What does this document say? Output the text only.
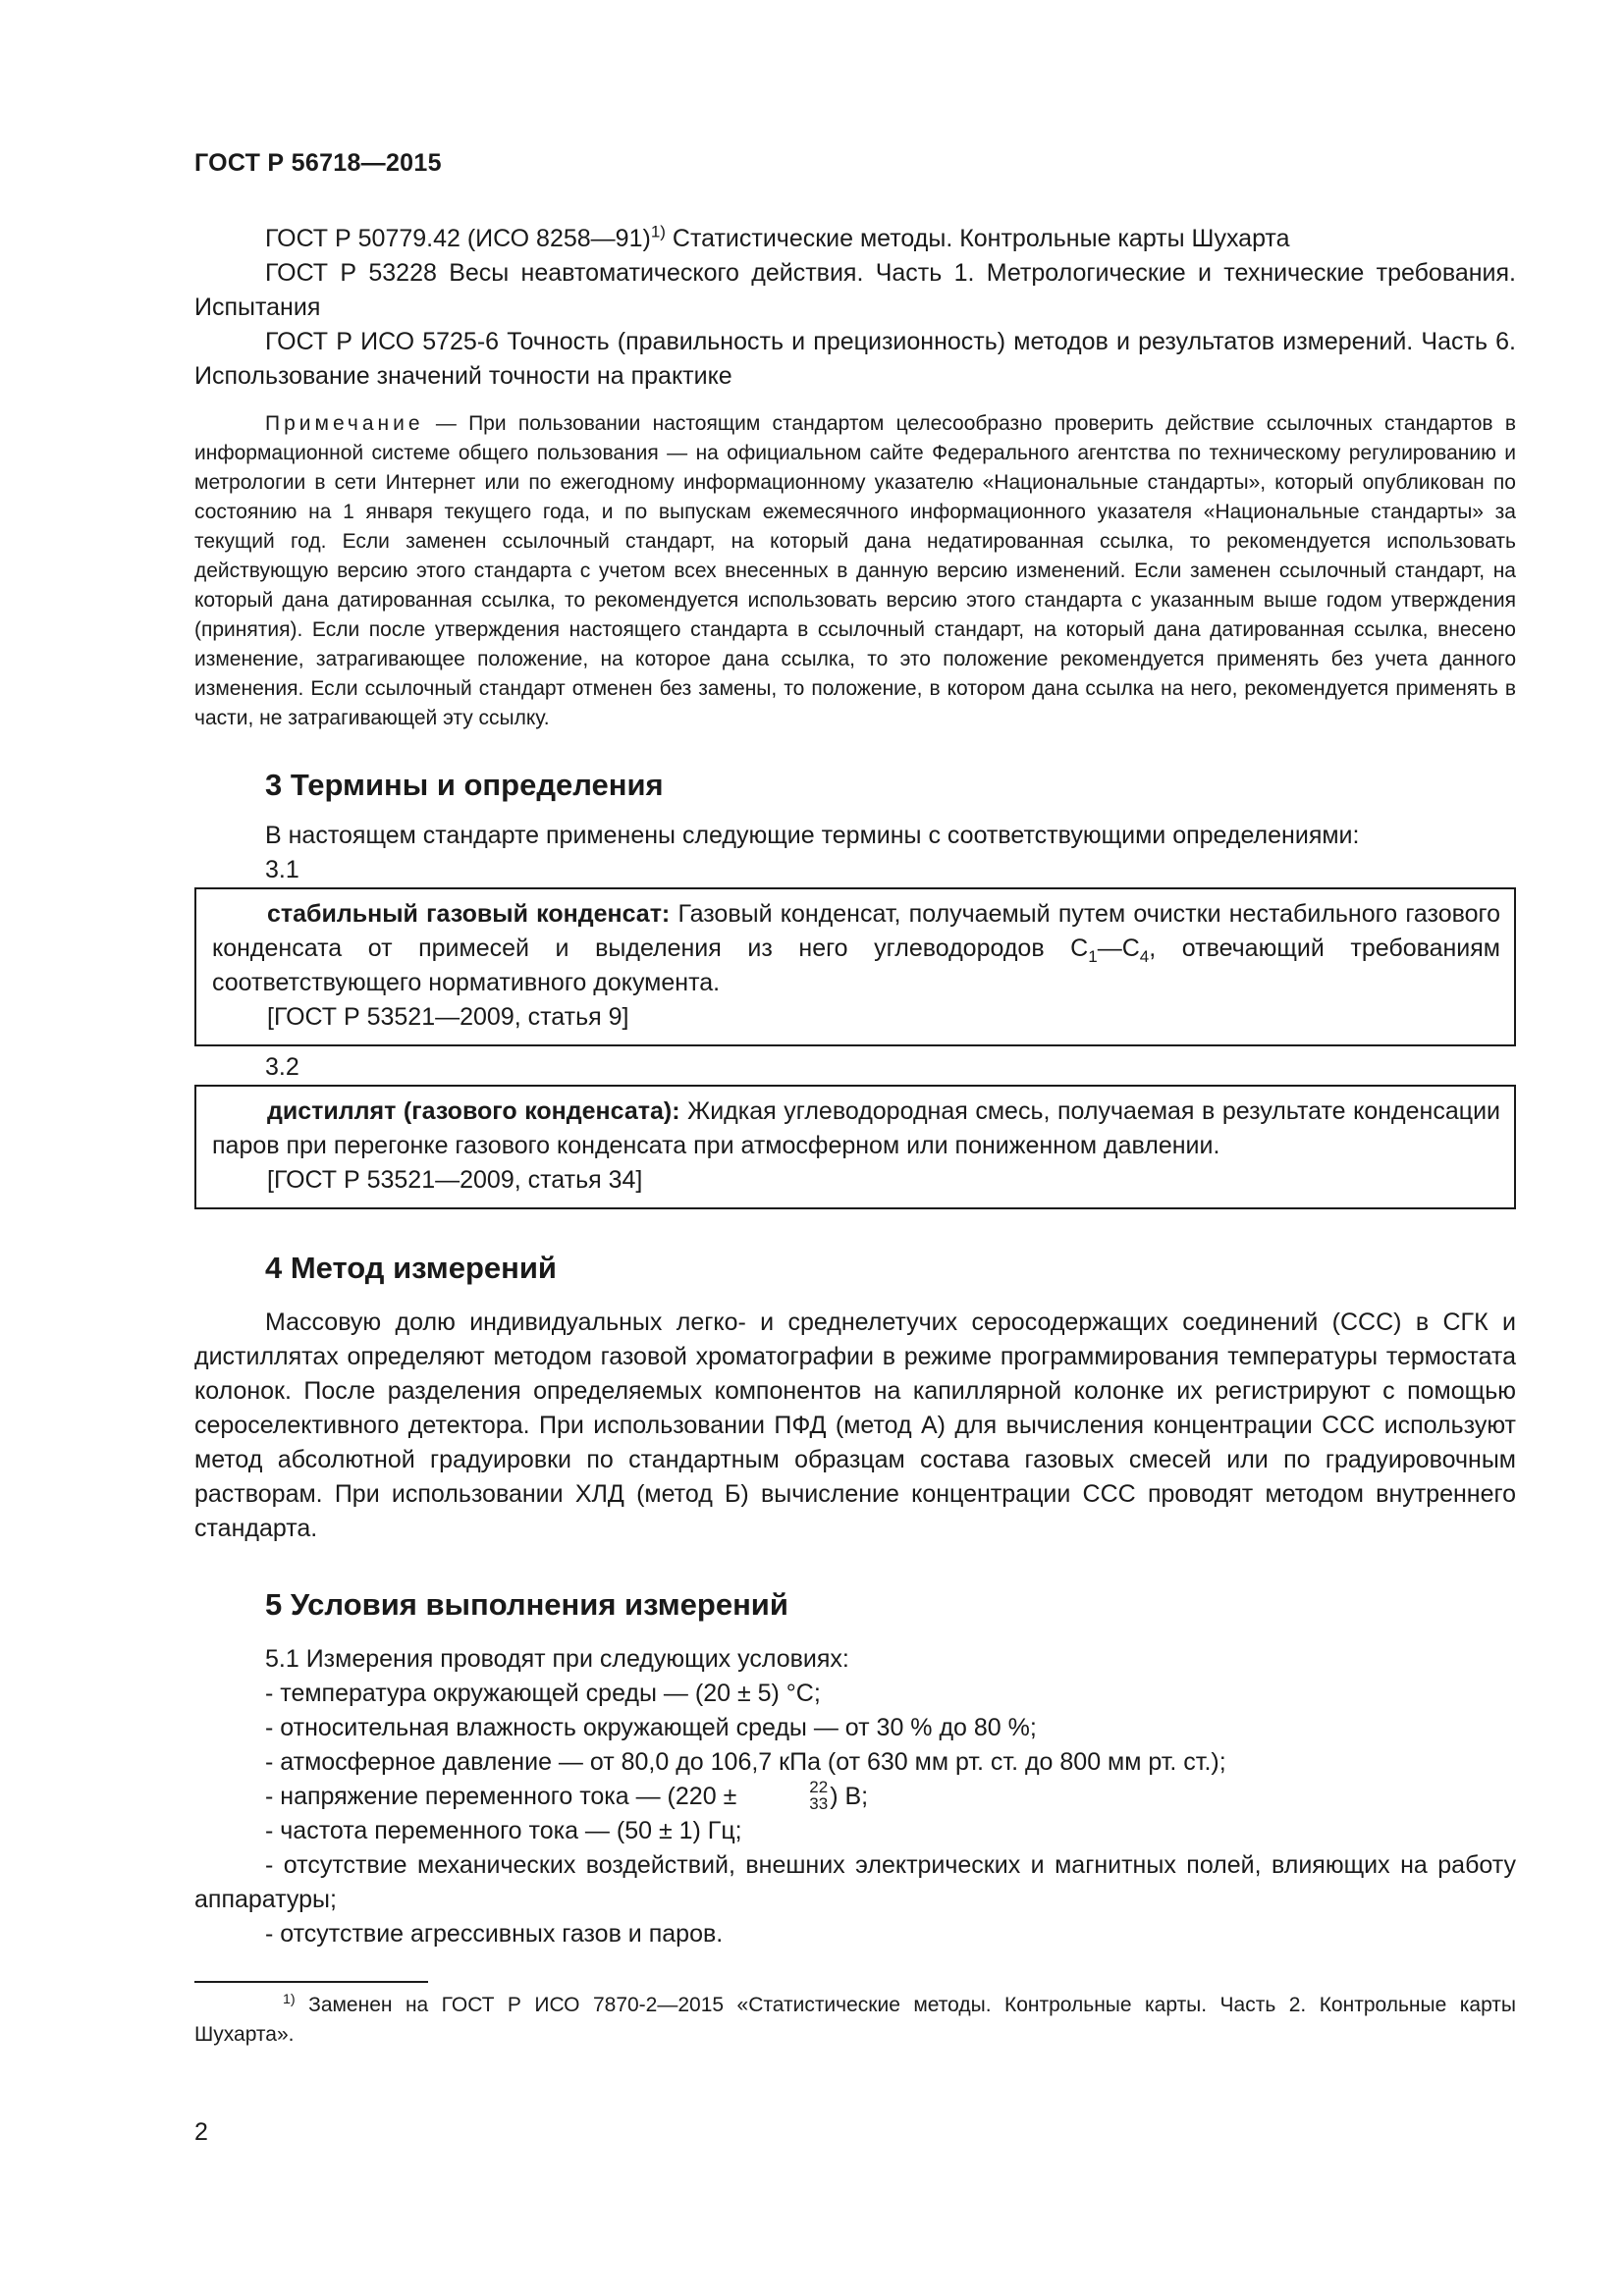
ГОСТ Р 56718—2015

ГОСТ Р 50779.42 (ИСО 8258—91)$^{1)}$ Статистические методы. Контрольные карты Шухарта

ГОСТ Р 53228 Весы неавтоматического действия. Часть 1. Метрологические и технические требования. Испытания

ГОСТ Р ИСО 5725-6 Точность (правильность и прецизионность) методов и результатов измерений. Часть 6. Использование значений точности на практике

Примечание — При пользовании настоящим стандартом целесообразно проверить действие ссылочных стандартов в информационной системе общего пользования — на официальном сайте Федерального агентства по техническому регулированию и метрологии в сети Интернет или по ежегодному информационному указателю «Национальные стандарты», который опубликован по состоянию на 1 января текущего года, и по выпускам ежемесячного информационного указателя «Национальные стандарты» за текущий год. Если заменен ссылочный стандарт, на который дана недатированная ссылка, то рекомендуется использовать действующую версию этого стандарта с учетом всех внесенных в данную версию изменений. Если заменен ссылочный стандарт, на который дана датированная ссылка, то рекомендуется использовать версию этого стандарта с указанным выше годом утверждения (принятия). Если после утверждения настоящего стандарта в ссылочный стандарт, на который дана датированная ссылка, внесено изменение, затрагивающее положение, на которое дана ссылка, то это положение рекомендуется применять без учета данного изменения. Если ссылочный стандарт отменен без замены, то положение, в котором дана ссылка на него, рекомендуется применять в части, не затрагивающей эту ссылку.

3 Термины и определения

В настоящем стандарте применены следующие термины с соответствующими определениями:

3.1

стабильный газовый конденсат: Газовый конденсат, получаемый путем очистки нестабильного газового конденсата от примесей и выделения из него углеводородов $С_1—С_4$, отвечающий требованиям соответствующего нормативного документа.

[ГОСТ Р 53521—2009, статья 9]

3.2

дистиллят (газового конденсата): Жидкая углеводородная смесь, получаемая в результате конденсации паров при перегонке газового конденсата при атмосферном или пониженном давлении.

[ГОСТ Р 53521—2009, статья 34]

4 Метод измерений

Массовую долю индивидуальных легко- и среднелетучих серосодержащих соединений (ССС) в СГК и дистиллятах определяют методом газовой хроматографии в режиме программирования температуры термостата колонок. После разделения определяемых компонентов на капиллярной колонке их регистрируют с помощью сероселективного детектора. При использовании ПФД (метод А) для вычисления концентрации ССС используют метод абсолютной градуировки по стандартным образцам состава газовых смесей или по градуировочным растворам. При использовании ХЛД (метод Б) вычисление концентрации ССС проводят методом внутреннего стандарта.

5 Условия выполнения измерений

5.1 Измерения проводят при следующих условиях:

- температура окружающей среды — (20 ± 5) °С;

- относительная влажность окружающей среды — от 30 % до 80 %;

- атмосферное давление — от 80,0 до 106,7 кПа (от 630 мм рт. ст. до 800 мм рт. ст.);

- напряжение переменного тока — (220 ±	22
33 ) В;

- частота переменного тока — (50 ± 1) Гц;

- отсутствие механических воздействий, внешних электрических и магнитных полей, влияющих на работу аппаратуры;

- отсутствие агрессивных газов и паров.

$^{1)}$ Заменен на ГОСТ Р ИСО 7870-2—2015 «Статистические методы. Контрольные карты. Часть 2. Контрольные карты Шухарта».

2
